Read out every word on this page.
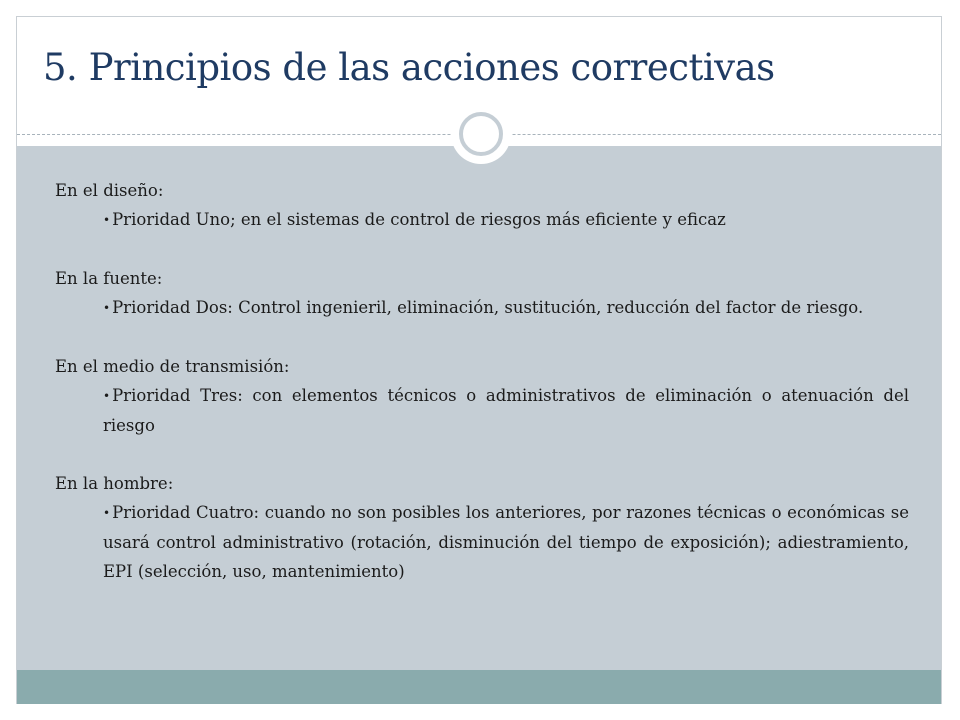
5. Principios de las acciones correctivas
En el diseño:
• Prioridad Uno; en el sistemas de control de riesgos más eficiente y eficaz
En la fuente:
• Prioridad Dos: Control ingenieril, eliminación, sustitución, reducción del factor de riesgo.
En el medio de transmisión:
• Prioridad Tres: con elementos técnicos o administrativos de eliminación o atenuación del riesgo
En la hombre:
• Prioridad Cuatro: cuando no son posibles los anteriores, por razones técnicas o económicas se usará control administrativo (rotación, disminución del tiempo de exposición); adiestramiento, EPI (selección, uso, mantenimiento)
